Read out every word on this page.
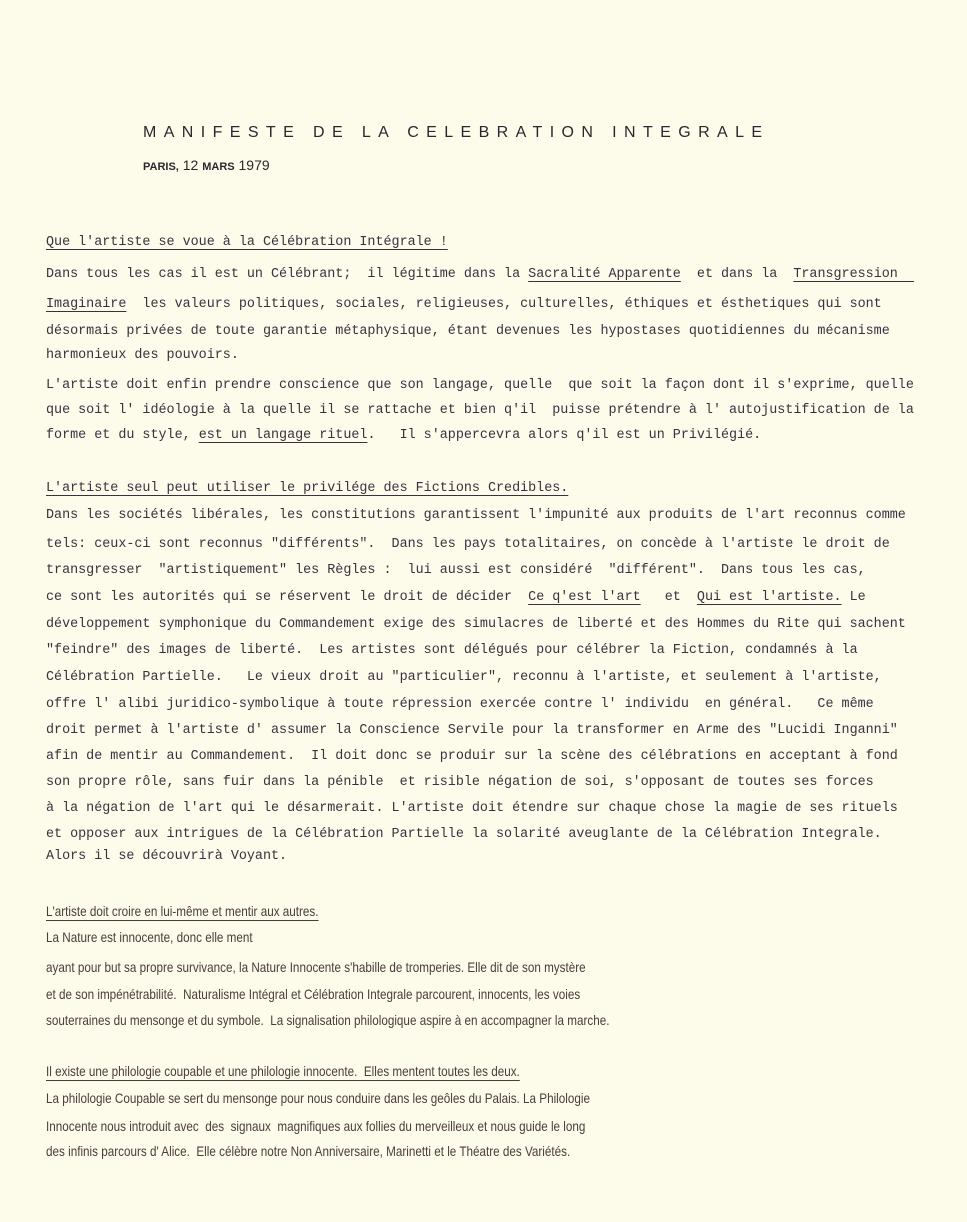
MANIFESTE DE LA CELEBRATION INTEGRALE
PARIS, 12 MARS 1979
Que l'artiste se voue à la Célébration Intégrale !
Dans tous les cas il est un Célébrant;  il légitime dans la Sacralité Apparente  et dans la  Transgression
Imaginaire  les valeurs politiques, sociales, religieuses, culturelles, éthiques et ésthetiques qui sont
désormais privées de toute garantie métaphysique, étant devenues les hypostases quotidiennes du mécanisme
harmonieux des pouvoirs.
L'artiste doit enfin prendre conscience que son langage, quelle  que soit la façon dont il s'exprime, quelle
que soit l' idéologie à la quelle il se rattache et bien q'il  puisse prétendre à l' autojustification de la
forme et du style, est un langage rituel.   Il s'appercevra alors q'il est un Privilégié.
L'artiste seul peut utiliser le privilége des Fictions Credibles.
Dans les sociétés libérales, les constitutions garantissent l'impunité aux produits de l'art reconnus comme
tels: ceux-ci sont reconnus "différents".  Dans les pays totalitaires, on concède à l'artiste le droit de
transgresser  "artistiquement" les Règles :  lui aussi est considéré  "différent".  Dans tous les cas,
ce sont les autorités qui se réservent le droit de décider  Ce q'est l'art   et  Qui est l'artiste. Le
développement symphonique du Commandement exige des simulacres de liberté et des Hommes du Rite qui sachent
"feindre" des images de liberté.  Les artistes sont délégués pour célébrer la Fiction, condamnés à la
Célébration Partielle.   Le vieux droit au "particulier", reconnu à l'artiste, et seulement à l'artiste,
offre l' alibi juridico-symbolique à toute répression exercée contre l' individu  en général.   Ce même
droit permet à l'artiste d' assumer la Conscience Servile pour la transformer en Arme des "Lucidi Inganni"
afin de mentir au Commandement.  Il doit donc se produir sur la scène des célébrations en acceptant à fond
son propre rôle, sans fuir dans la pénible  et risible négation de soi, s'opposant de toutes ses forces
à la négation de l'art qui le désarmerait. L'artiste doit étendre sur chaque chose la magie de ses rituels
et opposer aux intrigues de la Célébration Partielle la solarité aveuglante de la Célébration Integrale.
Alors il se découvrirà Voyant.
L'artiste doit croire en lui-même et mentir aux autres.
La Nature est innocente, donc elle ment
ayant pour but sa propre survivance, la Nature Innocente s'habille de tromperies. Elle dit de son mystère
et de son impénétrabilité.  Naturalisme Intégral et Célébration Integrale parcourent, innocents, les voies
souterraines du mensonge et du symbole.  La signalisation philologique aspire à en accompagner la marche.
Il existe une philologie coupable et une philologie innocente.  Elles mentent toutes les deux.
La philologie Coupable se sert du mensonge pour nous conduire dans les geôles du Palais. La Philologie
Innocente nous introduit avec  des  signaux  magnifiques aux follies du merveilleux et nous guide le long
des infinis parcours d' Alice.  Elle célèbre notre Non Anniversaire, Marinetti et le Théatre des Variétés.
